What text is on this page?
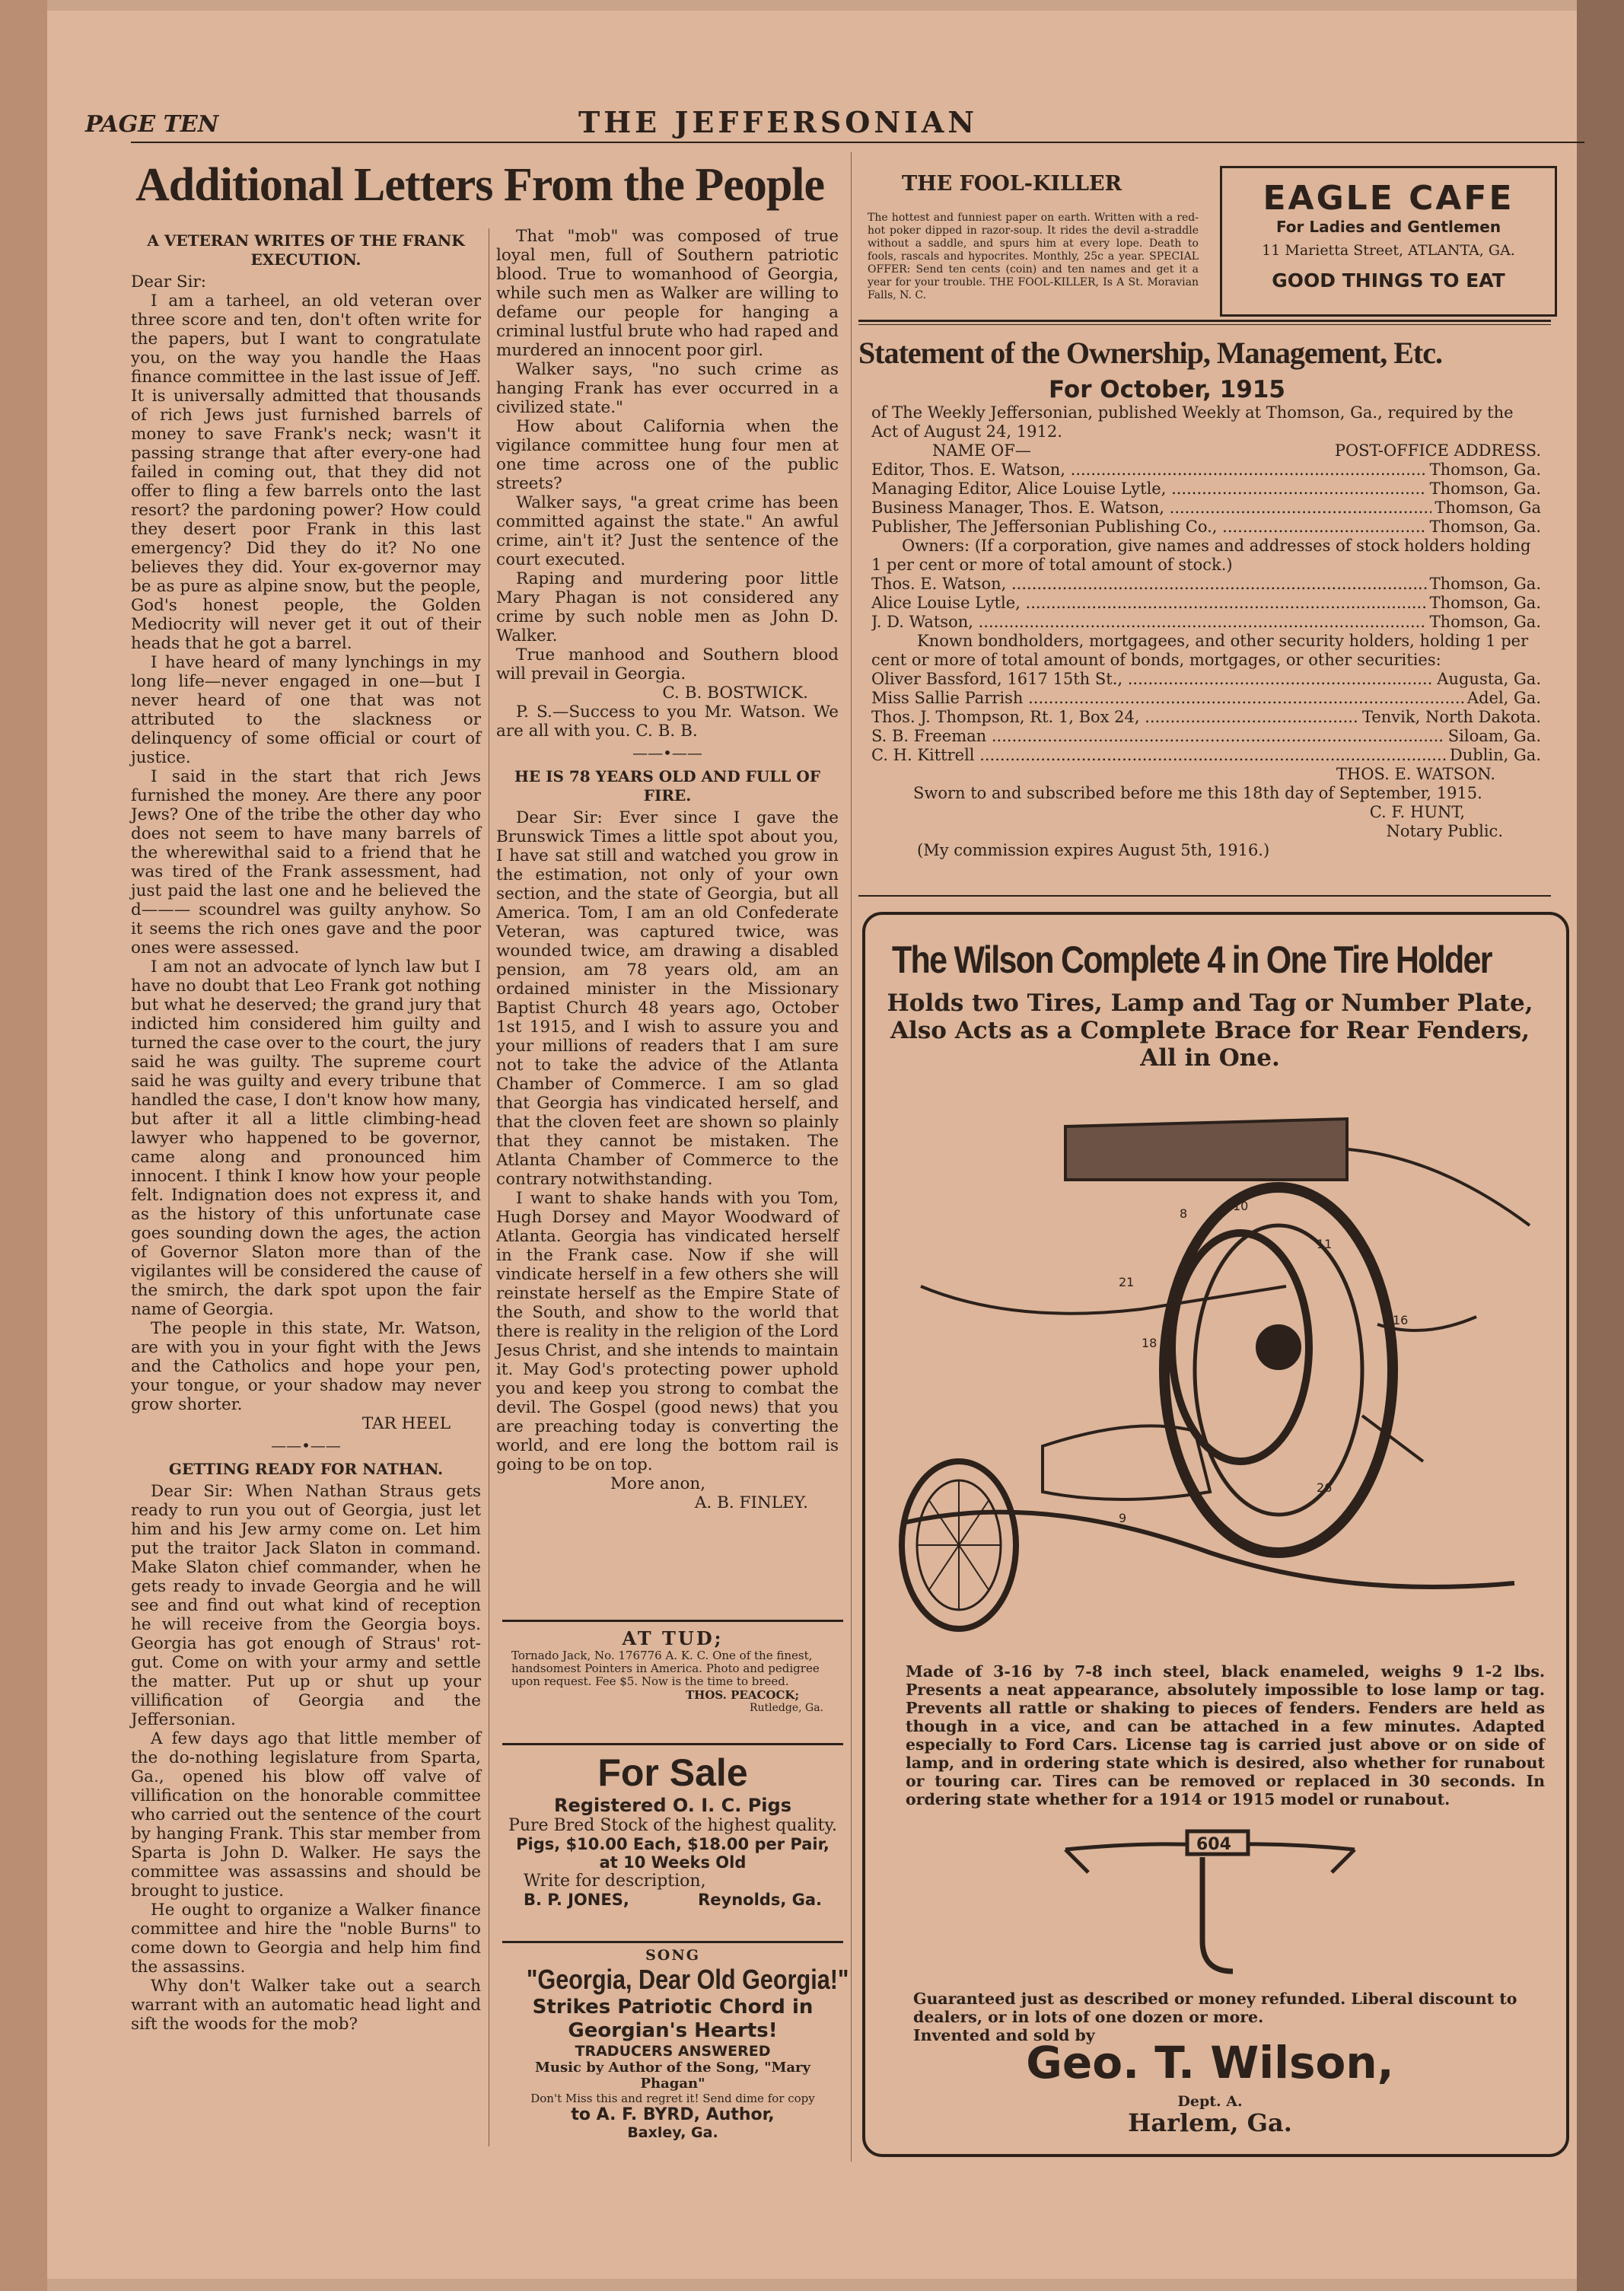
PAGE TEN	THE JEFFERSONIAN
Additional Letters From the People
A VETERAN WRITES OF THE FRANK EXECUTION.

Dear Sir:

I am a tarheel, an old veteran over three score and ten, don't often write for the papers, but I want to congratulate you, on the way you handle the Haas finance committee in the last issue of Jeff. It is universally admitted that thousands of rich Jews just furnished barrels of money to save Frank's neck; wasn't it passing strange that after every-one had failed in coming out, that they did not offer to fling a few barrels onto the last resort? the pardoning power? How could they desert poor Frank in this last emergency? Did they do it? No one believes they did. Your ex-governor may be as pure as alpine snow, but the people, God's honest people, the Golden Mediocrity will never get it out of their heads that he got a barrel.

I have heard of many lynchings in my long life—never engaged in one—but I never heard of one that was not attributed to the slackness or delinquency of some official or court of justice.

I said in the start that rich Jews furnished the money. Are there any poor Jews? One of the tribe the other day who does not seem to have many barrels of the wherewithal said to a friend that he was tired of the Frank assessment, had just paid the last one and he believed the d——— scoundrel was guilty anyhow. So it seems the rich ones gave and the poor ones were assessed.

I am not an advocate of lynch law but I have no doubt that Leo Frank got nothing but what he deserved; the grand jury that indicted him considered him guilty and turned the case over to the court, the jury said he was guilty. The supreme court said he was guilty and every tribune that handled the case, I don't know how many, but after it all a little climbing-head lawyer who happened to be governor, came along and pronounced him innocent. I think I know how your people felt. Indignation does not express it, and as the history of this unfortunate case goes sounding down the ages, the action of Governor Slaton more than of the vigilantes will be considered the cause of the smirch, the dark spot upon the fair name of Georgia.

The people in this state, Mr. Watson, are with you in your fight with the Jews and the Catholics and hope your pen, your tongue, or your shadow may never grow shorter.

TAR HEEL
——•——
GETTING READY FOR NATHAN.

Dear Sir: When Nathan Straus gets ready to run you out of Georgia, just let him and his Jew army come on. Let him put the traitor Jack Slaton in command. Make Slaton chief commander, when he gets ready to invade Georgia and he will see and find out what kind of reception he will receive from the Georgia boys. Georgia has got enough of Straus' rot-gut. Come on with your army and settle the matter. Put up or shut up your villification of Georgia and the Jeffersonian.

A few days ago that little member of the do-nothing legislature from Sparta, Ga., opened his blow off valve of villification on the honorable committee who carried out the sentence of the court by hanging Frank. This star member from Sparta is John D. Walker. He says the committee was assassins and should be brought to justice.

He ought to organize a Walker finance committee and hire the "noble Burns" to come down to Georgia and help him find the assassins.

Why don't Walker take out a search warrant with an automatic head light and sift the woods for the mob?

That "mob" was composed of true loyal men, full of Southern patriotic blood. True to womanhood of Georgia, while such men as Walker are willing to defame our people for hanging a criminal lustful brute who had raped and murdered an innocent poor girl.

Walker says, "no such crime as hanging Frank has ever occurred in a civilized state."

How about California when the vigilance committee hung four men at one time across one of the public streets?

Walker says, "a great crime has been committed against the state." An awful crime, ain't it? Just the sentence of the court executed.

Raping and murdering poor little Mary Phagan is not considered any crime by such noble men as John D. Walker.

True manhood and Southern blood will prevail in Georgia.

C. B. BOSTWICK.

P. S.—Success to you Mr. Watson. We are all with you. C. B. B.

——•——
HE IS 78 YEARS OLD AND FULL OF FIRE.

Dear Sir: Ever since I gave the Brunswick Times a little spot about you, I have sat still and watched you grow in the estimation, not only of your own section, and the state of Georgia, but all America. Tom, I am an old Confederate Veteran, was captured twice, was wounded twice, am drawing a disabled pension, am 78 years old, am an ordained minister in the Missionary Baptist Church 48 years ago, October 1st 1915, and I wish to assure you and your millions of readers that I am sure not to take the advice of the Atlanta Chamber of Commerce. I am so glad that Georgia has vindicated herself, and that the cloven feet are shown so plainly that they cannot be mistaken. The Atlanta Chamber of Commerce to the contrary notwithstanding.

I want to shake hands with you Tom, Hugh Dorsey and Mayor Woodward of Atlanta. Georgia has vindicated herself in the Frank case. Now if she will vindicate herself in a few others she will reinstate herself as the Empire State of the South, and show to the world that there is reality in the religion of the Lord Jesus Christ, and she intends to maintain it. May God's protecting power uphold you and keep you strong to combat the devil. The Gospel (good news) that you are preaching today is converting the world, and ere long the bottom rail is going to be on top.

More anon,
A. B. FINLEY.
AT TUD;
Tornado Jack, No. 176776 A. K. C. One of the finest, handsomest Pointers in America. Photo and pedigree upon request. Fee $5. Now is the time to breed.
THOS. PEACOCK;
Rutledge, Ga.
For Sale
Registered O. I. C. Pigs
Pure Bred Stock of the highest quality.
Pigs, $10.00 Each, $18.00 per Pair,
at 10 Weeks Old
Write for description,
B. P. JONES,	Reynolds, Ga.
SONG
"Georgia, Dear Old Georgia!"
Strikes Patriotic Chord in Georgian's Hearts!
TRADUCERS ANSWERED
Music by Author of the Song, "Mary Phagan"
Don't Miss this and regret it! Send dime for copy
to A. F. BYRD, Author,
Baxley, Ga.
THE FOOL-KILLER
The hottest and funniest paper on earth. Written with a red-hot poker dipped in razor-soup. It rides the devil a-straddle without a saddle, and spurs him at every lope. Death to fools, rascals and hypocrites. Monthly, 25c a year. SPECIAL OFFER: Send ten cents (coin) and ten names and get it a year for your trouble. THE FOOL-KILLER, Is A St. Moravian Falls, N. C.
EAGLE CAFE
For Ladies and Gentlemen
11 Marietta Street, ATLANTA, GA.
GOOD THINGS TO EAT
Statement of the Ownership, Management, Etc.
For October, 1915
of The Weekly Jeffersonian, published Weekly at Thomson, Ga., required by the Act of August 24, 1912.
NAME OF—	POST-OFFICE ADDRESS.
Editor, Thos. E. Watson, .....	Thomson, Ga.
Managing Editor, Alice Louise Lytle, .....	Thomson, Ga.
Business Manager, Thos. E. Watson, .....	Thomson, Ga
Publisher, The Jeffersonian Publishing Co., .....	Thomson, Ga.
Owners: (If a corporation, give names and addresses of stock holders holding 1 per cent or more of total amount of stock.)
Thos. E. Watson, .....	Thomson, Ga.
Alice Louise Lytle, .....	Thomson, Ga.
J. D. Watson, .....	Thomson, Ga.
Known bondholders, mortgagees, and other security holders, holding 1 per cent or more of total amount of bonds, mortgages, or other securities:
Oliver Bassford, 1617 15th St., .....	Augusta, Ga.
Miss Sallie Parrish .....	Adel, Ga.
Thos. J. Thompson, Rt. 1, Box 24, .....	Tenvik, North Dakota.
S. B. Freeman .....	Siloam, Ga.
C. H. Kittrell .....	Dublin, Ga.
THOS. E. WATSON.
Sworn to and subscribed before me this 18th day of September, 1915.
C. F. HUNT,
Notary Public.
(My commission expires August 5th, 1916.)
The Wilson Complete 4 in One Tire Holder
Holds two Tires, Lamp and Tag or Number Plate, Also Acts as a Complete Brace for Rear Fenders, All in One.
8
10
11
21
16
18
26
9
Made of 3-16 by 7-8 inch steel, black enameled, weighs 9 1-2 lbs. Presents a neat appearance, absolutely impossible to lose lamp or tag. Prevents all rattle or shaking to pieces of fenders. Fenders are held as though in a vice, and can be attached in a few minutes. Adapted especially to Ford Cars. License tag is carried just above or on side of lamp, and in ordering state which is desired, also whether for runabout or touring car. Tires can be removed or replaced in 30 seconds. In ordering state whether for a 1914 or 1915 model or runabout.
604
Guaranteed just as described or money refunded. Liberal discount to dealers, or in lots of one dozen or more.
Invented and sold by
Geo. T. Wilson,
Dept. A.
Harlem, Ga.
